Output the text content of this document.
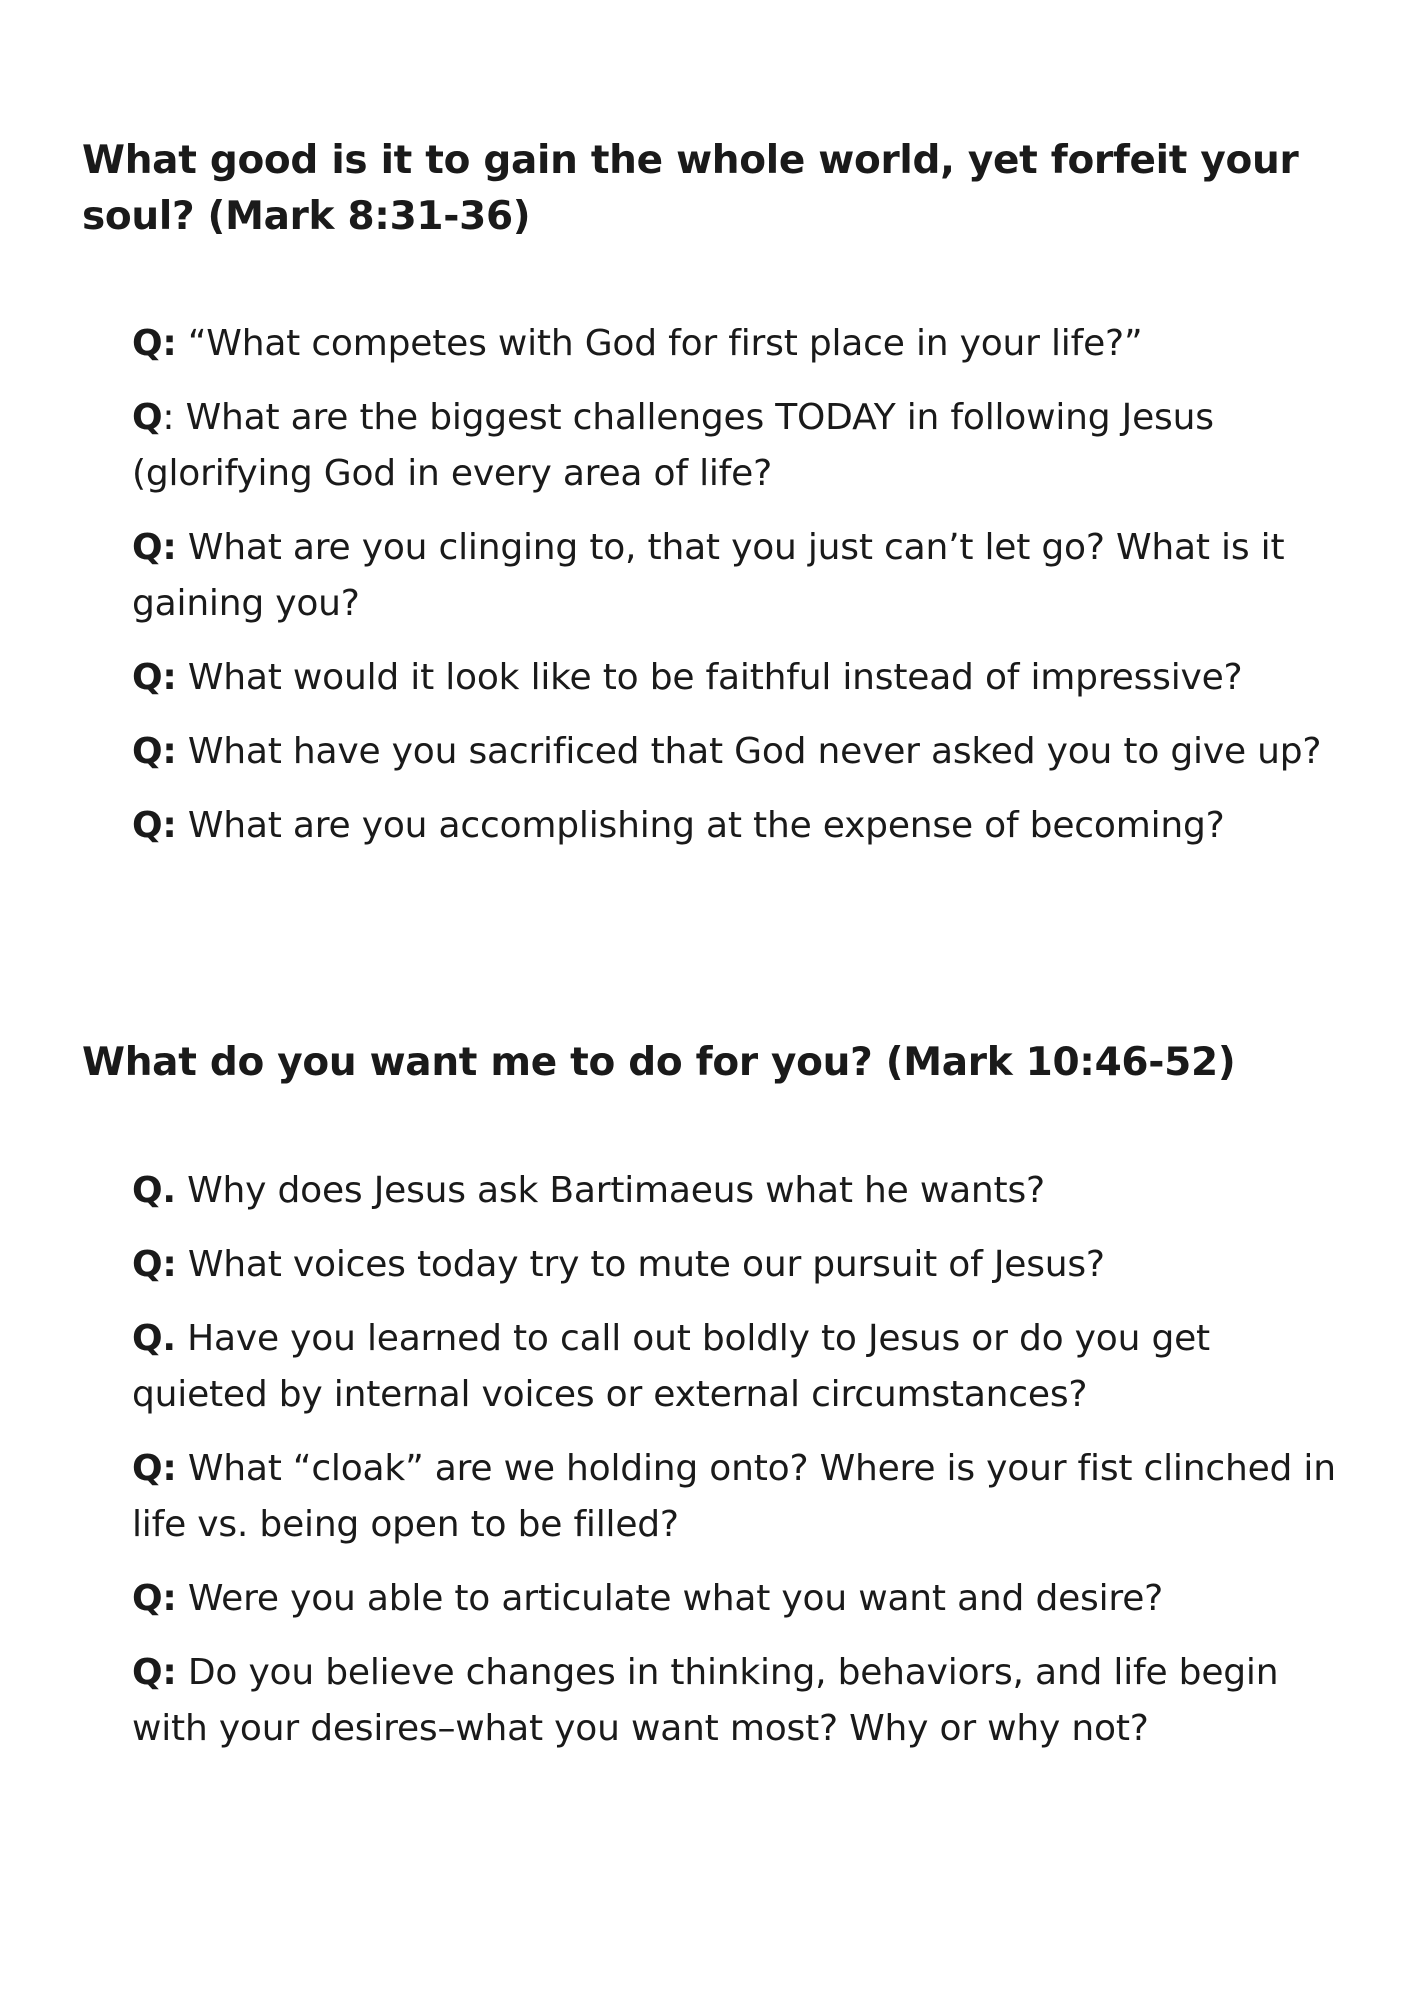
What good is it to gain the whole world, yet forfeit your soul? (Mark 8:31-36)
Q: “What competes with God for first place in your life?”
Q: What are the biggest challenges TODAY in following Jesus (glorifying God in every area of life?
Q: What are you clinging to, that you just can’t let go? What is it gaining you?
Q: What would it look like to be faithful instead of impressive?
Q: What have you sacrificed that God never asked you to give up?
Q: What are you accomplishing at the expense of becoming?
What do you want me to do for you? (Mark 10:46-52)
Q. Why does Jesus ask Bartimaeus what he wants?
Q: What voices today try to mute our pursuit of Jesus?
Q. Have you learned to call out boldly to Jesus or do you get quieted by internal voices or external circumstances?
Q: What “cloak” are we holding onto? Where is your fist clinched in life vs. being open to be filled?
Q: Were you able to articulate what you want and desire?
Q: Do you believe changes in thinking, behaviors, and life begin with your desires–what you want most? Why or why not?
